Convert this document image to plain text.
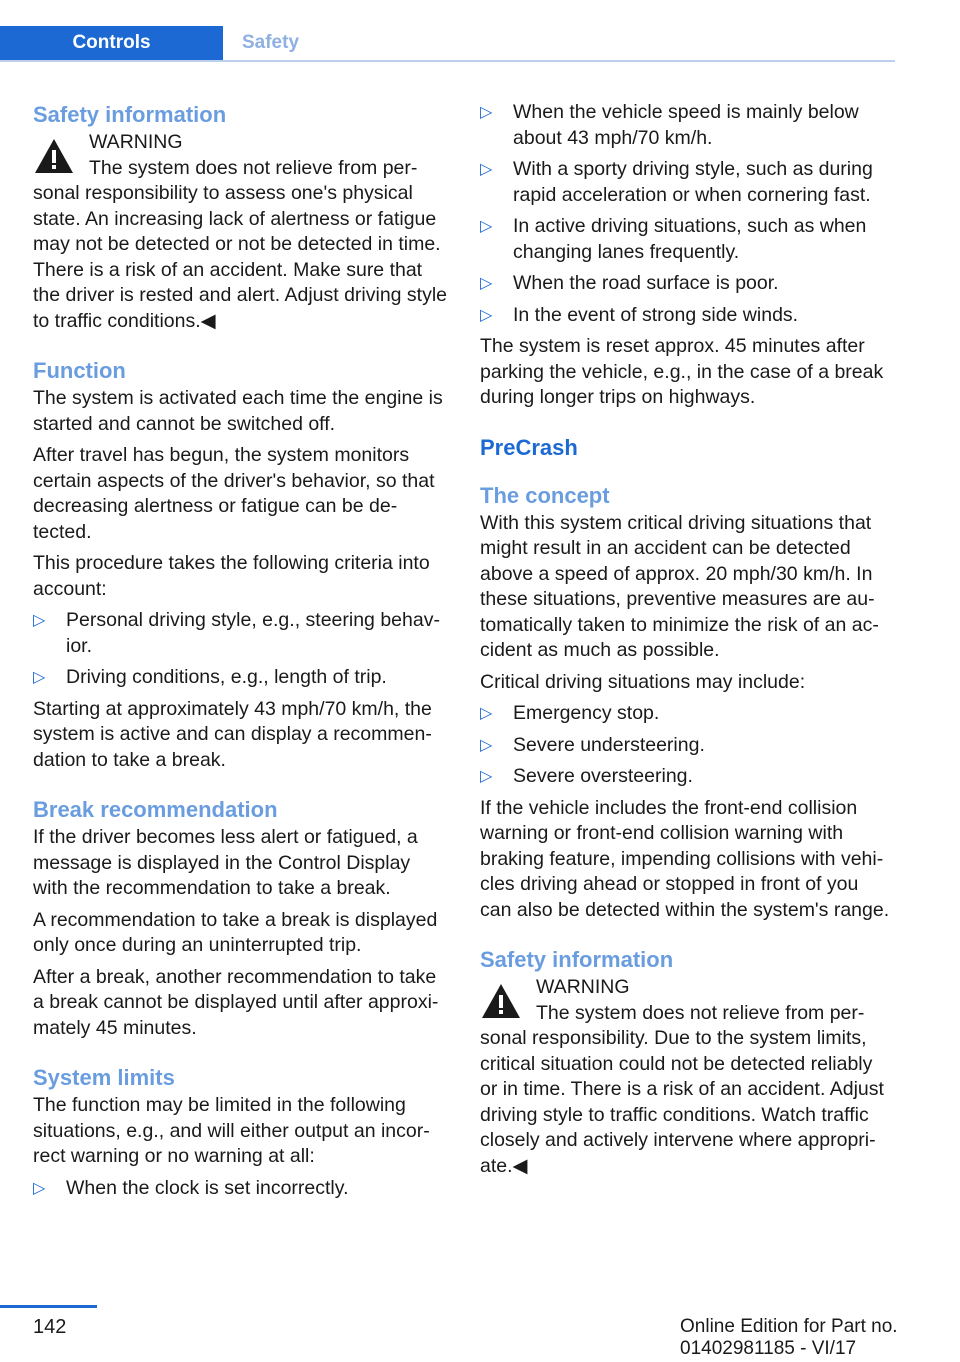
Controls	Safety
Safety information
WARNING
The system does not relieve from personal responsibility to assess one's physical state. An increasing lack of alertness or fatigue may not be detected or not be detected in time. There is a risk of an accident. Make sure that the driver is rested and alert. Adjust driving style to traffic conditions.◀
Function

The system is activated each time the engine is started and cannot be switched off.

After travel has begun, the system monitors certain aspects of the driver's behavior, so that decreasing alertness or fatigue can be detected.

This procedure takes the following criteria into account:

▷ Personal driving style, e.g., steering behavior.
▷ Driving conditions, e.g., length of trip.

Starting at approximately 43 mph/70 km/h, the system is active and can display a recommendation to take a break.

Break recommendation

If the driver becomes less alert or fatigued, a message is displayed in the Control Display with the recommendation to take a break.

A recommendation to take a break is displayed only once during an uninterrupted trip.

After a break, another recommendation to take a break cannot be displayed until after approximately 45 minutes.

System limits

The function may be limited in the following situations, e.g., and will either output an incorrect warning or no warning at all:

▷ When the clock is set incorrectly.
▷ When the vehicle speed is mainly below about 43 mph/70 km/h.
▷ With a sporty driving style, such as during rapid acceleration or when cornering fast.
▷ In active driving situations, such as when changing lanes frequently.
▷ When the road surface is poor.
▷ In the event of strong side winds.

The system is reset approx. 45 minutes after parking the vehicle, e.g., in the case of a break during longer trips on highways.

PreCrash
The concept

With this system critical driving situations that might result in an accident can be detected above a speed of approx. 20 mph/30 km/h. In these situations, preventive measures are automatically taken to minimize the risk of an accident as much as possible.

Critical driving situations may include:

▷ Emergency stop.
▷ Severe understeering.
▷ Severe oversteering.

If the vehicle includes the front-end collision warning or front-end collision warning with braking feature, impending collisions with vehicles driving ahead or stopped in front of you can also be detected within the system's range.

Safety information
WARNING
The system does not relieve from personal responsibility. Due to the system limits, critical situation could not be detected reliably or in time. There is a risk of an accident. Adjust driving style to traffic conditions. Watch traffic closely and actively intervene where appropriate.◀
142	Online Edition for Part no. 01402981185 - VI/17
